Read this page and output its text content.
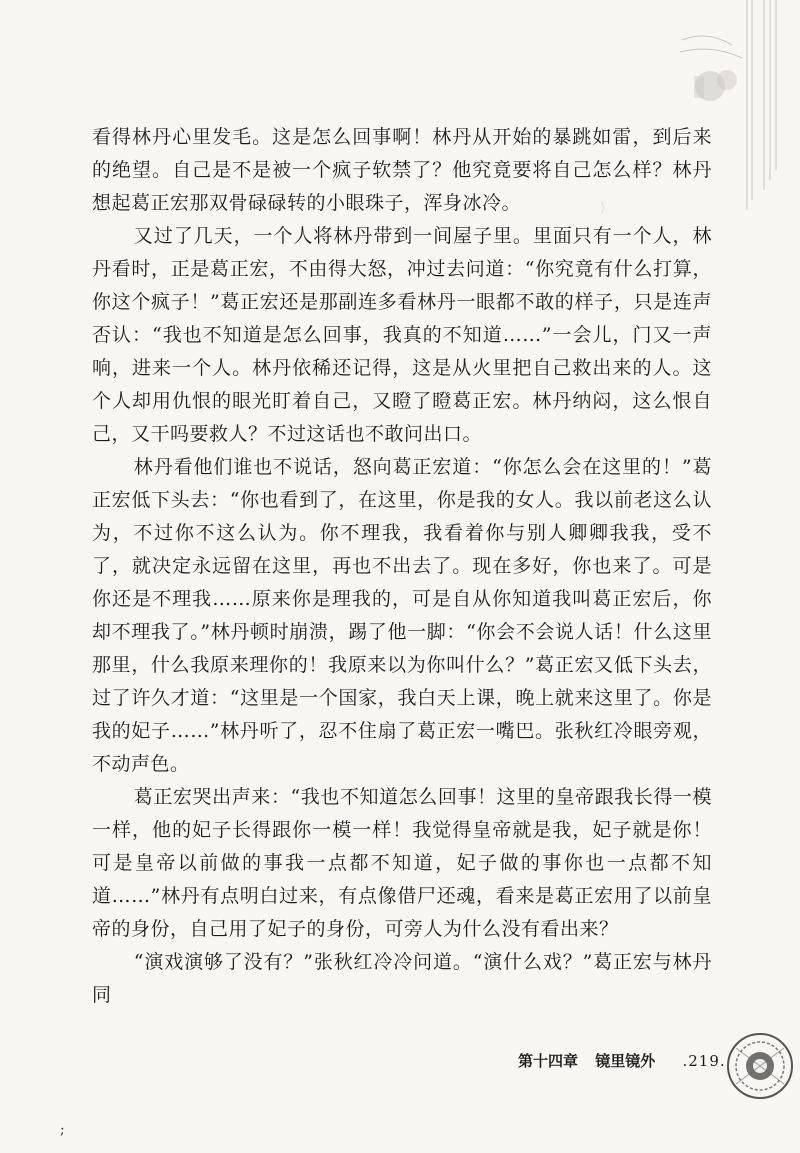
⟩

看得林丹心里发毛。这是怎么回事啊！林丹从开始的暴跳如雷，到后来的绝望。自己是不是被一个疯子软禁了？他究竟要将自己怎么样？林丹想起葛正宏那双骨碌碌转的小眼珠子，浑身冰冷。

又过了几天，一个人将林丹带到一间屋子里。里面只有一个人，林丹看时，正是葛正宏，不由得大怒，冲过去问道：“你究竟有什么打算，你这个疯子！”葛正宏还是那副连多看林丹一眼都不敢的样子，只是连声否认：“我也不知道是怎么回事，我真的不知道……”一会儿，门又一声响，进来一个人。林丹依稀还记得，这是从火里把自己救出来的人。这个人却用仇恨的眼光盯着自己，又瞪了瞪葛正宏。林丹纳闷，这么恨自己，又干吗要救人？不过这话也不敢问出口。

林丹看他们谁也不说话，怒向葛正宏道：“你怎么会在这里的！”葛正宏低下头去：“你也看到了，在这里，你是我的女人。我以前老这么认为，不过你不这么认为。你不理我，我看着你与别人卿卿我我，受不了，就决定永远留在这里，再也不出去了。现在多好，你也来了。可是你还是不理我……原来你是理我的，可是自从你知道我叫葛正宏后，你却不理我了。”林丹顿时崩溃，踢了他一脚：“你会不会说人话！什么这里那里，什么我原来理你的！我原来以为你叫什么？”葛正宏又低下头去，过了许久才道：“这里是一个国家，我白天上课，晚上就来这里了。你是我的妃子……”林丹听了，忍不住扇了葛正宏一嘴巴。张秋红冷眼旁观，不动声色。

葛正宏哭出声来：“我也不知道怎么回事！这里的皇帝跟我长得一模一样，他的妃子长得跟你一模一样！我觉得皇帝就是我，妃子就是你！可是皇帝以前做的事我一点都不知道，妃子做的事你也一点都不知道……”林丹有点明白过来，有点像借尸还魂，看来是葛正宏用了以前皇帝的身份，自己用了妃子的身份，可旁人为什么没有看出来？

“演戏演够了没有？”张秋红冷冷问道。“演什么戏？”葛正宏与林丹同

第十四章 镜里镜外 .219.
;
